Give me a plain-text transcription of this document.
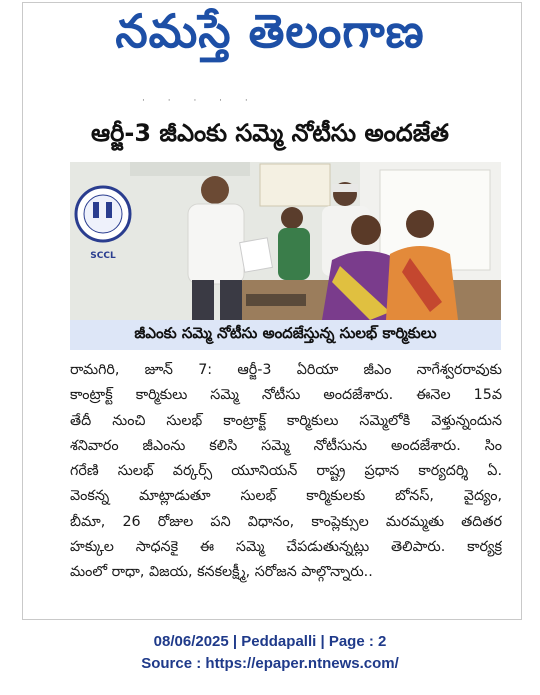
నమస్తే తెలంగాణ
· · · · ·
ఆర్జీ-3 జీఎంకు సమ్మె నోటీసు అందజేత
SCCL
జీఎంకు సమ్మె నోటీసు అందజేస్తున్న సులభ్ కార్మికులు
రామగిరి, జూన్ 7: ఆర్జీ-3 ఏరియా జీఎం నాగేశ్వరరావుకు
కాంట్రాక్ట్ కార్మికులు సమ్మె నోటీసు అందజేశారు. ఈనెల 15వ
తేదీ నుంచి సులభ్ కాంట్రాక్ట్ కార్మికులు సమ్మెలోకి వెళ్తున్నందున
శనివారం జీఎంను కలిసి సమ్మె నోటీసును అందజేశారు. సిం
గరేణి సులభ్ వర్కర్స్ యూనియన్ రాష్ట్ర ప్రధాన కార్యదర్శి ఏ.
వెంకన్న మాట్లాడుతూ సులభ్ కార్మికులకు బోనస్, వైద్యం,
బీమా, 26 రోజుల పని విధానం, కాంప్లెక్సుల మరమ్మతు తదితర
హక్కుల సాధనకై ఈ సమ్మె చేపడుతున్నట్లు తెలిపారు. కార్యక్ర
మంలో రాధా, విజయ, కనకలక్ష్మీ, సరోజన పాల్గొన్నారు..
08/06/2025 | Peddapalli | Page : 2
Source : https://epaper.ntnews.com/
